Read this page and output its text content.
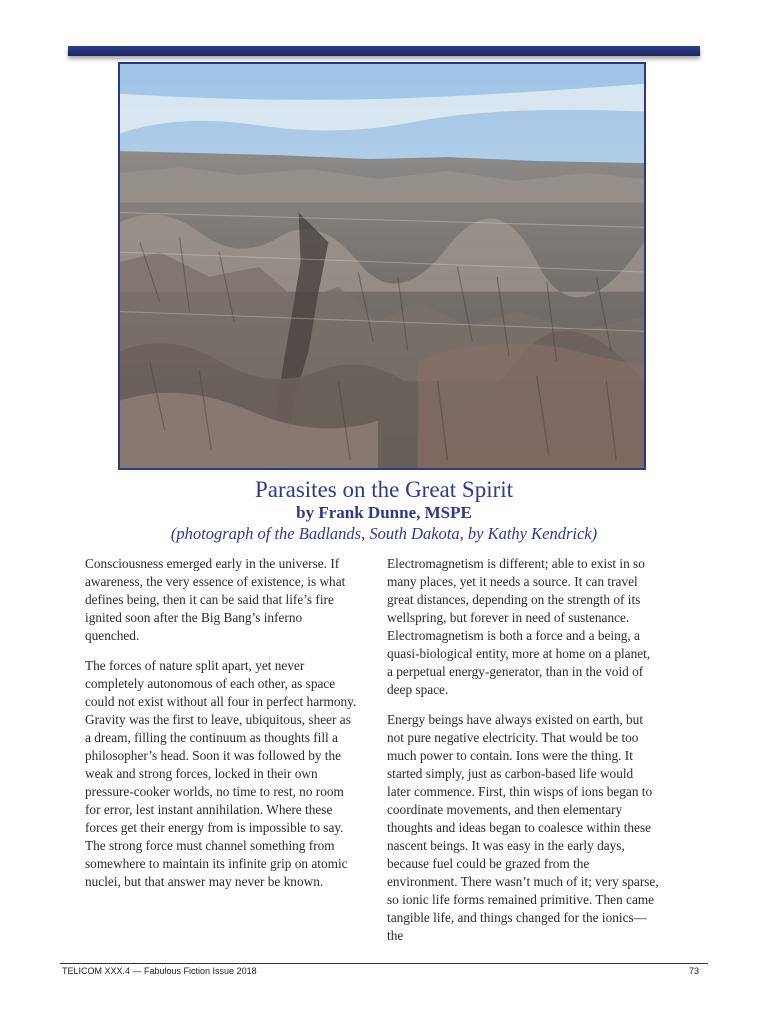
Parasites on the Great Spirit
by Frank Dunne, MSPE
(photograph of the Badlands, South Dakota, by Kathy Kendrick)

Consciousness emerged early in the universe. If awareness, the very essence of existence, is what defines being, then it can be said that life’s fire ignited soon after the Big Bang’s inferno quenched.

The forces of nature split apart, yet never completely autonomous of each other, as space could not exist without all four in perfect harmony. Gravity was the first to leave, ubiquitous, sheer as a dream, filling the continuum as thoughts fill a philosopher’s head. Soon it was followed by the weak and strong forces, locked in their own pressure-cooker worlds, no time to rest, no room for error, lest instant annihilation. Where these forces get their energy from is impossible to say. The strong force must channel something from somewhere to maintain its infinite grip on atomic nuclei, but that answer may never be known.

Electromagnetism is different; able to exist in so many places, yet it needs a source. It can travel great distances, depending on the strength of its wellspring, but forever in need of sustenance. Electromagnetism is both a force and a being, a quasi-biological entity, more at home on a planet, a perpetual energy-generator, than in the void of deep space.

Energy beings have always existed on earth, but not pure negative electricity. That would be too much power to contain. Ions were the thing. It started simply, just as carbon-based life would later commence. First, thin wisps of ions began to coordinate movements, and then elementary thoughts and ideas began to coalesce within these nascent beings. It was easy in the early days, because fuel could be grazed from the environment. There wasn’t much of it; very sparse, so ionic life forms remained primitive. Then came tangible life, and things changed for the ionics—the

TELICOM XXX.4 — Fabulous Fiction Issue 2018	73
